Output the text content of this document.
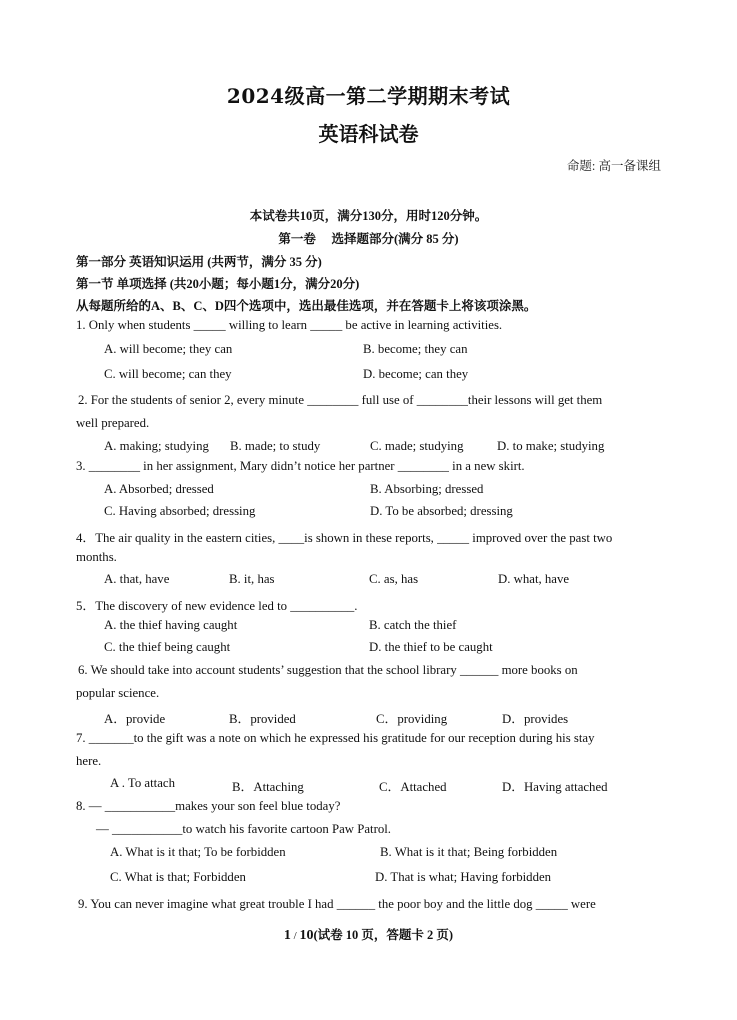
2024级高一第二学期期末考试
英语科试卷
命题: 高一备课组
本试卷共10页，满分130分，用时120分钟。
第一卷　 选择题部分(满分 85 分)
第一部分 英语知识运用 (共两节，满分 35 分)
第一节 单项选择 (共20小题；每小题1分，满分20分)
从每题所给的A、B、C、D四个选项中，选出最佳选项，并在答题卡上将该项涂黑。
1. Only when students _____ willing to learn _____ be active in learning activities.
A. will become; they can	B. become; they can
C. will become; can they	D. become; can they
2. For the students of senior 2, every minute ________ full use of ________their lessons will get them
well prepared.
A. making; studying B. made; to study	C. made; studying	D. to make; studying
3. ________ in her assignment, Mary didn’t notice her partner ________ in a new skirt.
A. Absorbed; dressed	B. Absorbing; dressed
C. Having absorbed; dressing	D. To be absorbed; dressing
4．The air quality in the eastern cities, ____is shown in these reports, _____ improved over the past two
months.
A. that, have	B. it, has	C. as, has	D. what, have
5．The discovery of new evidence led to __________.
A. the thief having caught	B. catch the thief
C. the thief being caught	D. the thief to be caught
6. We should take into account students’ suggestion that the school library ______ more books on
popular science.
A．provide	B．provided	C．providing	D．provides
7. _______to the gift was a note on which he expressed his gratitude for our reception during his stay
here.
A . To attach	B．Attaching	C．Attached	D．Having attached
8. — ___________makes your son feel blue today?
— ___________to watch his favorite cartoon Paw Patrol.
A. What is it that; To be forbidden	B. What is it that; Being forbidden
C. What is that; Forbidden	D. That is what; Having forbidden
9. You can never imagine what great trouble I had ______ the poor boy and the little dog _____ were
1 / 10(试卷 10 页，答题卡 2 页)
